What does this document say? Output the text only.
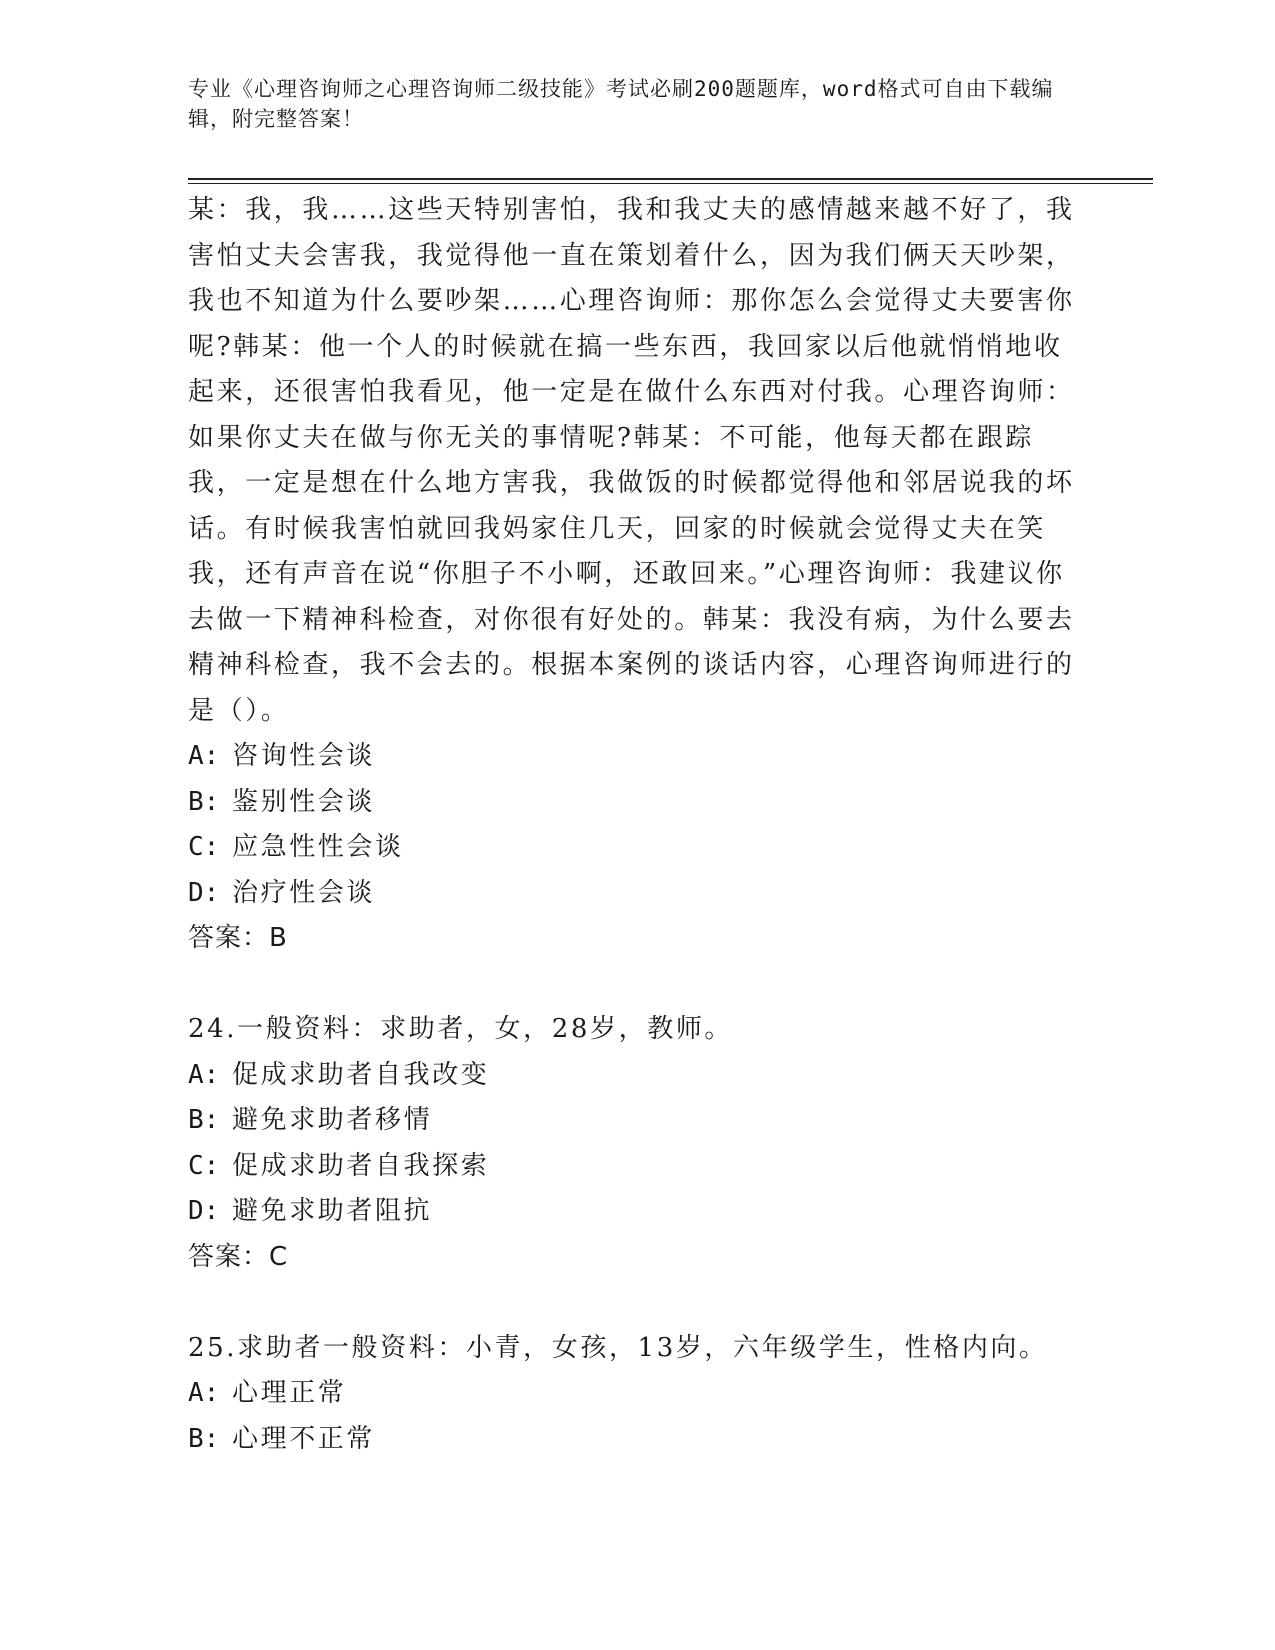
专业《心理咨询师之心理咨询师二级技能》考试必刷200题题库，word格式可自由下载编辑，附完整答案！

某：我，我……这些天特别害怕，我和我丈夫的感情越来越不好了，我害怕丈夫会害我，我觉得他一直在策划着什么，因为我们俩天天吵架，我也不知道为什么要吵架……心理咨询师：那你怎么会觉得丈夫要害你呢?韩某：他一个人的时候就在搞一些东西，我回家以后他就悄悄地收起来，还很害怕我看见，他一定是在做什么东西对付我。心理咨询师：如果你丈夫在做与你无关的事情呢?韩某：不可能，他每天都在跟踪我，一定是想在什么地方害我，我做饭的时候都觉得他和邻居说我的坏话。有时候我害怕就回我妈家住几天，回家的时候就会觉得丈夫在笑我，还有声音在说“你胆子不小啊，还敢回来。”心理咨询师：我建议你去做一下精神科检查，对你很有好处的。韩某：我没有病，为什么要去精神科检查，我不会去的。根据本案例的谈话内容，心理咨询师进行的是（）。

A: 咨询性会谈

B: 鉴别性会谈

C: 应急性性会谈

D: 治疗性会谈

答案：B

24.一般资料：求助者，女，28岁，教师。

A: 促成求助者自我改变

B: 避免求助者移情

C: 促成求助者自我探索

D: 避免求助者阻抗

答案：C

25.求助者一般资料：小青，女孩，13岁，六年级学生，性格内向。

A: 心理正常

B: 心理不正常
